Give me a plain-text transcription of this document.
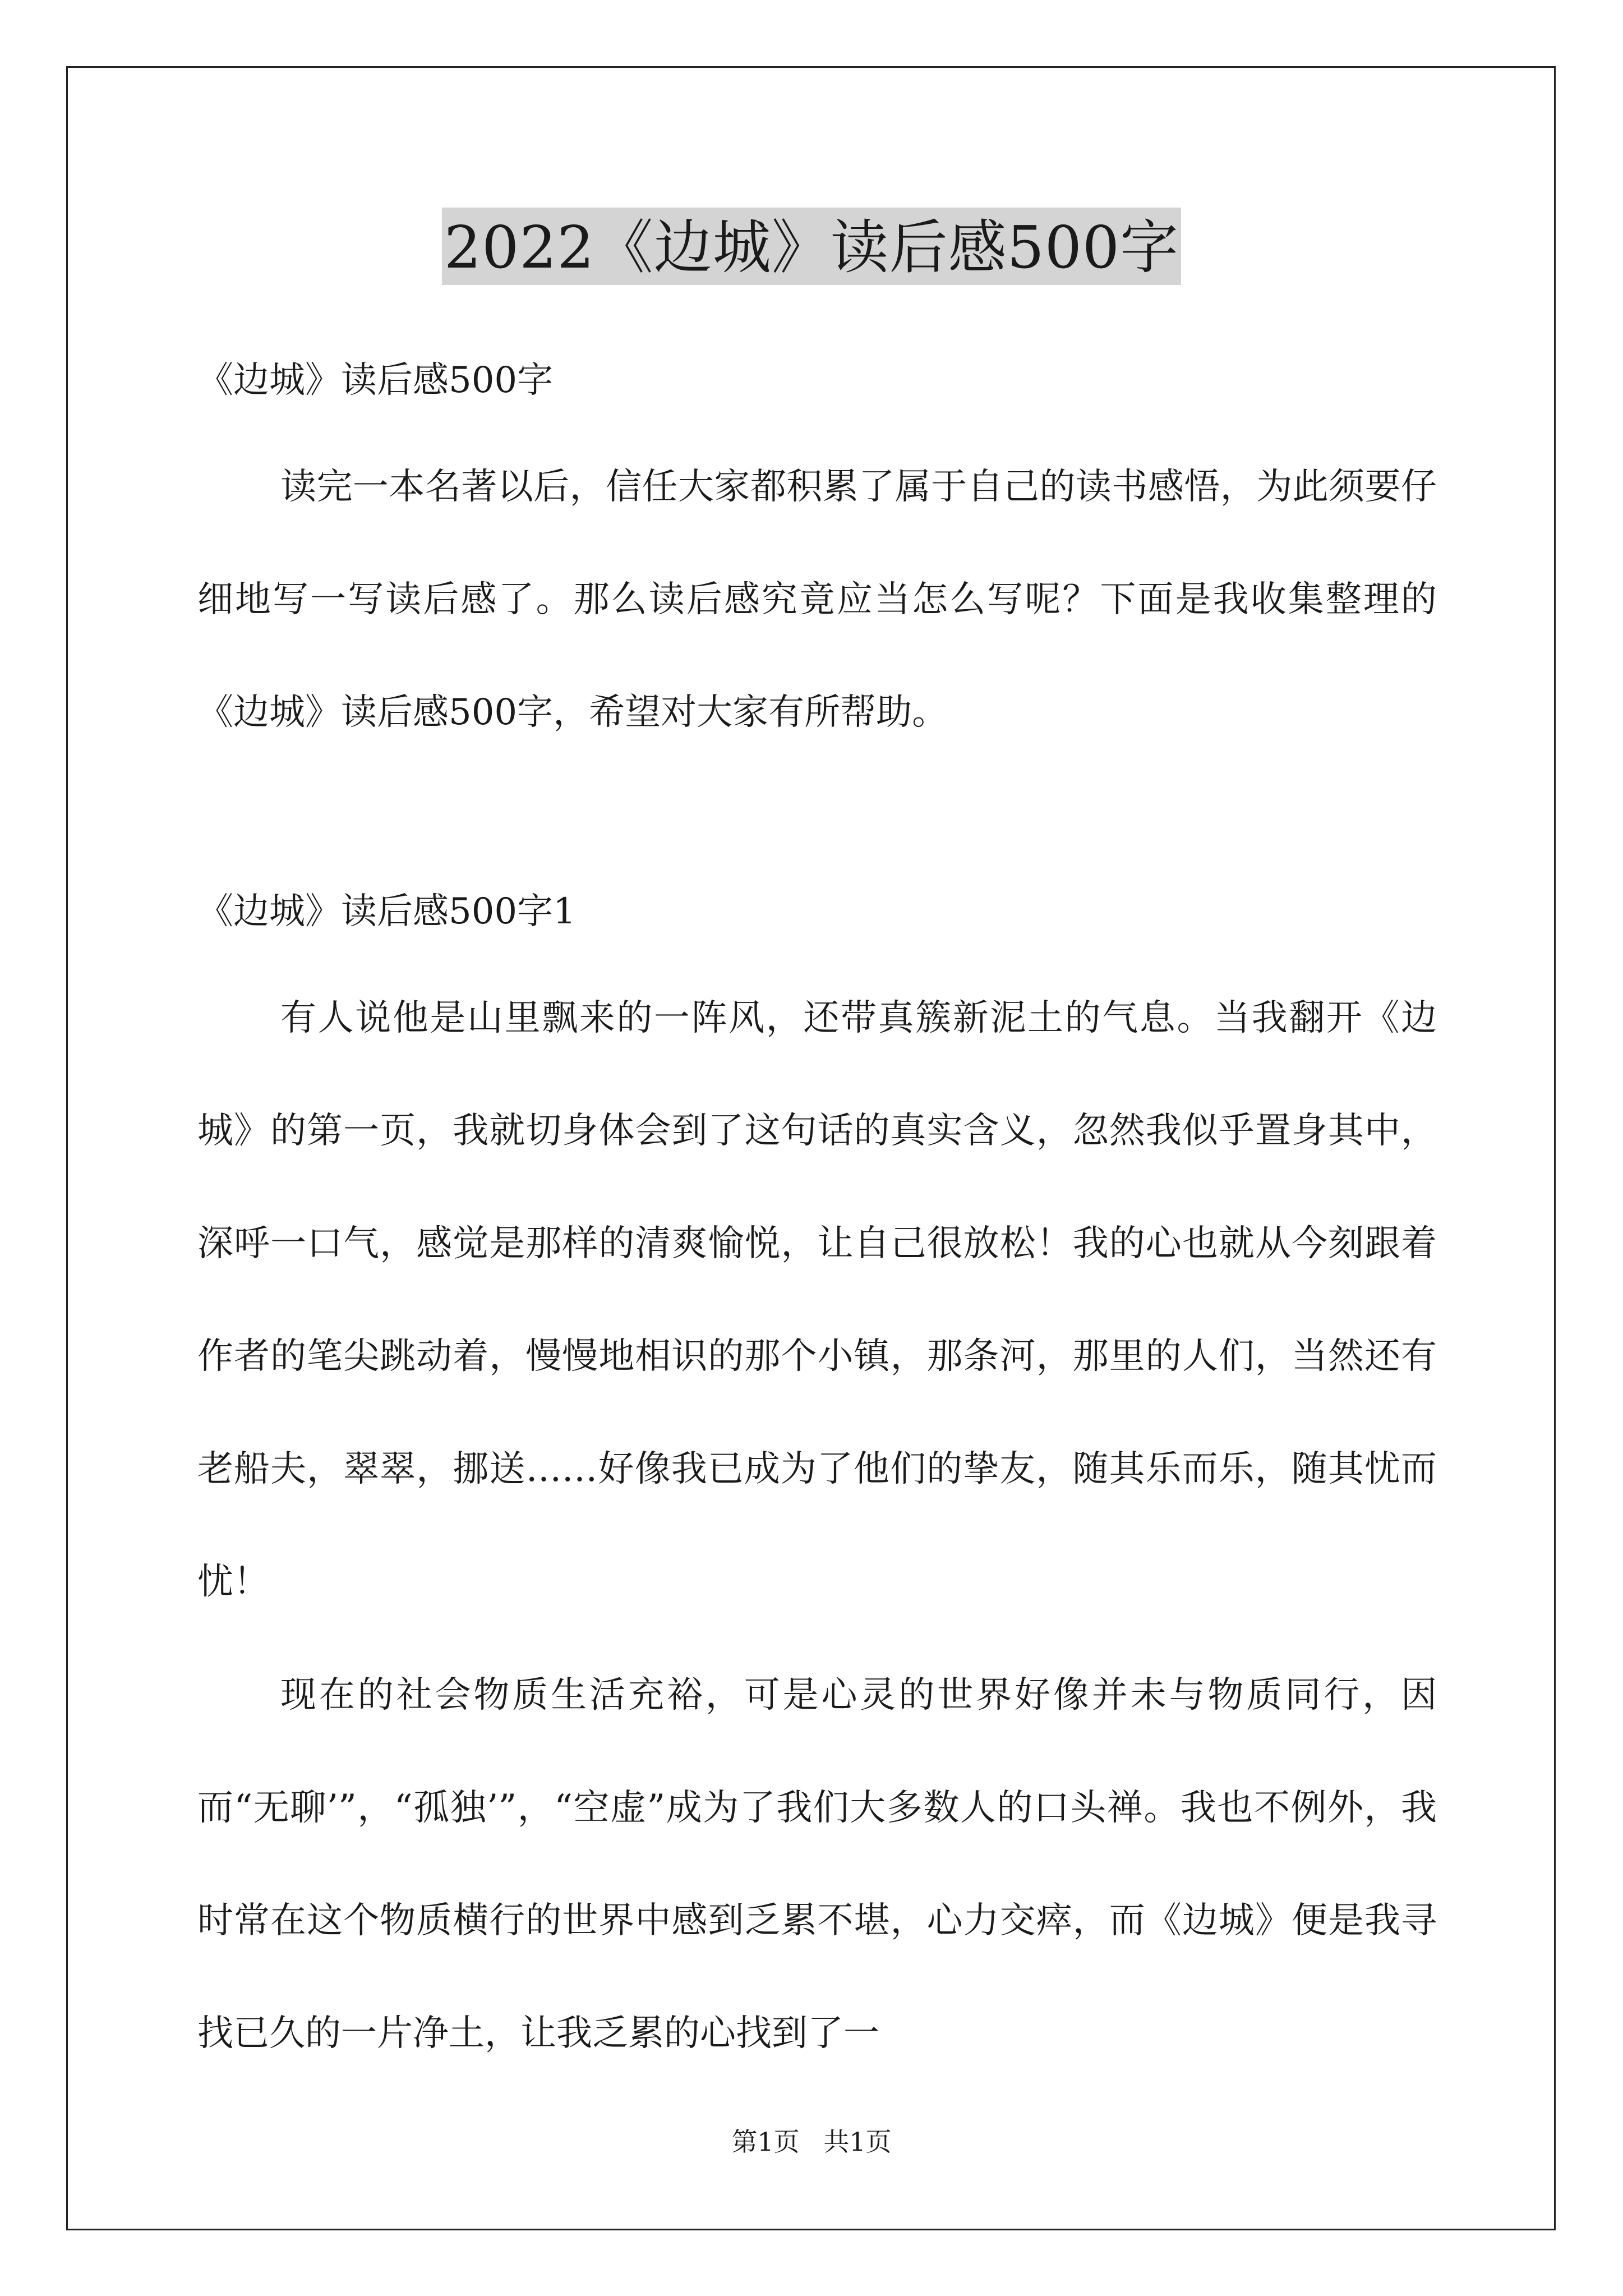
2022《边城》读后感500字
《边城》读后感500字

读完一本名著以后，信任大家都积累了属于自己的读书感悟，为此须要仔细地写一写读后感了。那么读后感究竟应当怎么写呢？下面是我收集整理的《边城》读后感500字，希望对大家有所帮助。

《边城》读后感500字1

有人说他是山里飘来的一阵风，还带真簇新泥土的气息。当我翻开《边城》的第一页，我就切身体会到了这句话的真实含义，忽然我似乎置身其中，深呼一口气，感觉是那样的清爽愉悦，让自己很放松！我的心也就从今刻跟着作者的笔尖跳动着，慢慢地相识的那个小镇，那条河，那里的人们，当然还有老船夫，翠翠，挪送……好像我已成为了他们的挚友，随其乐而乐，随其忧而忧！

现在的社会物质生活充裕，可是心灵的世界好像并未与物质同行，因而“无聊’”，“孤独’”，“空虚”成为了我们大多数人的口头禅。我也不例外，我时常在这个物质横行的世界中感到乏累不堪，心力交瘁，而《边城》便是我寻找已久的一片净土，让我乏累的心找到了一

第1页 共1页
